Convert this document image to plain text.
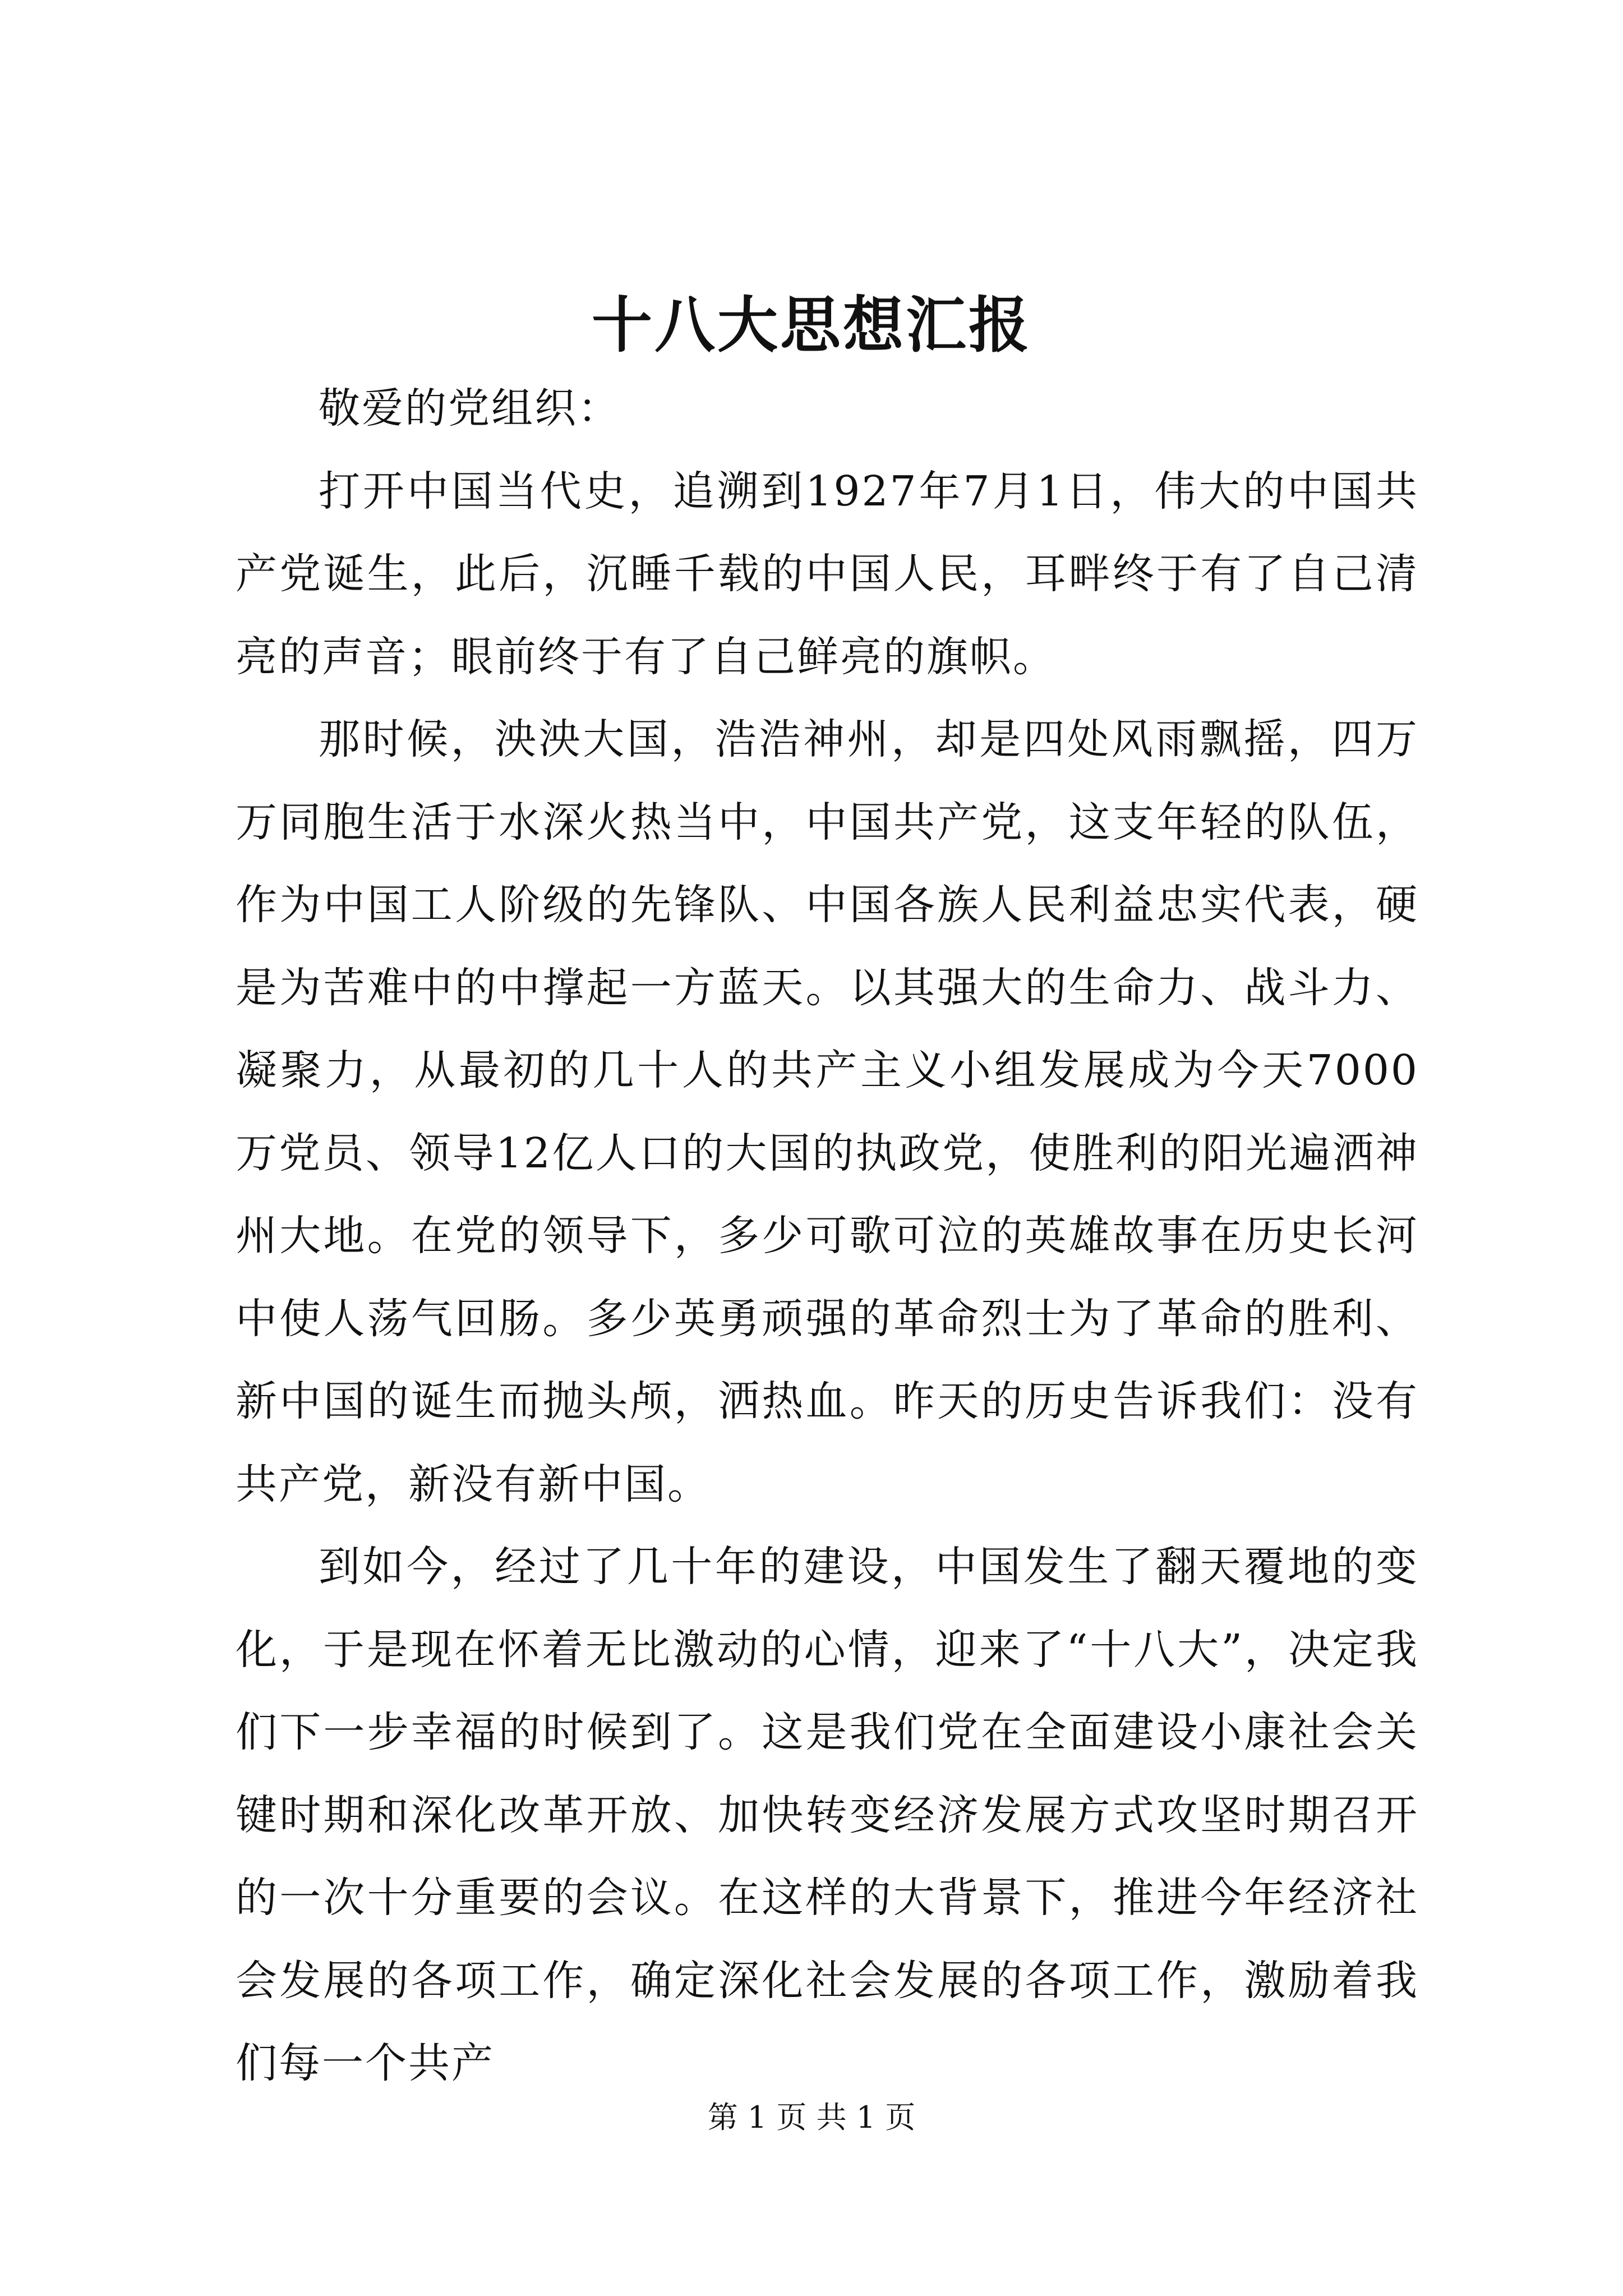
十八大思想汇报

敬爱的党组织：

打开中国当代史，追溯到1927年7月1日，伟大的中国共产党诞生，此后，沉睡千载的中国人民，耳畔终于有了自己清亮的声音；眼前终于有了自己鲜亮的旗帜。

那时候，泱泱大国，浩浩神州，却是四处风雨飘摇，四万万同胞生活于水深火热当中，中国共产党，这支年轻的队伍，作为中国工人阶级的先锋队、中国各族人民利益忠实代表，硬是为苦难中的中撑起一方蓝天。以其强大的生命力、战斗力、凝聚力，从最初的几十人的共产主义小组发展成为今天7000万党员、领导12亿人口的大国的执政党，使胜利的阳光遍洒神州大地。在党的领导下，多少可歌可泣的英雄故事在历史长河中使人荡气回肠。多少英勇顽强的革命烈士为了革命的胜利、新中国的诞生而抛头颅，洒热血。昨天的历史告诉我们：没有共产党，新没有新中国。

到如今，经过了几十年的建设，中国发生了翻天覆地的变化，于是现在怀着无比激动的心情，迎来了“十八大”，决定我们下一步幸福的时候到了。这是我们党在全面建设小康社会关键时期和深化改革开放、加快转变经济发展方式攻坚时期召开的一次十分重要的会议。在这样的大背景下，推进今年经济社会发展的各项工作，确定深化社会发展的各项工作，激励着我们每一个共产

第 1 页 共 1 页
